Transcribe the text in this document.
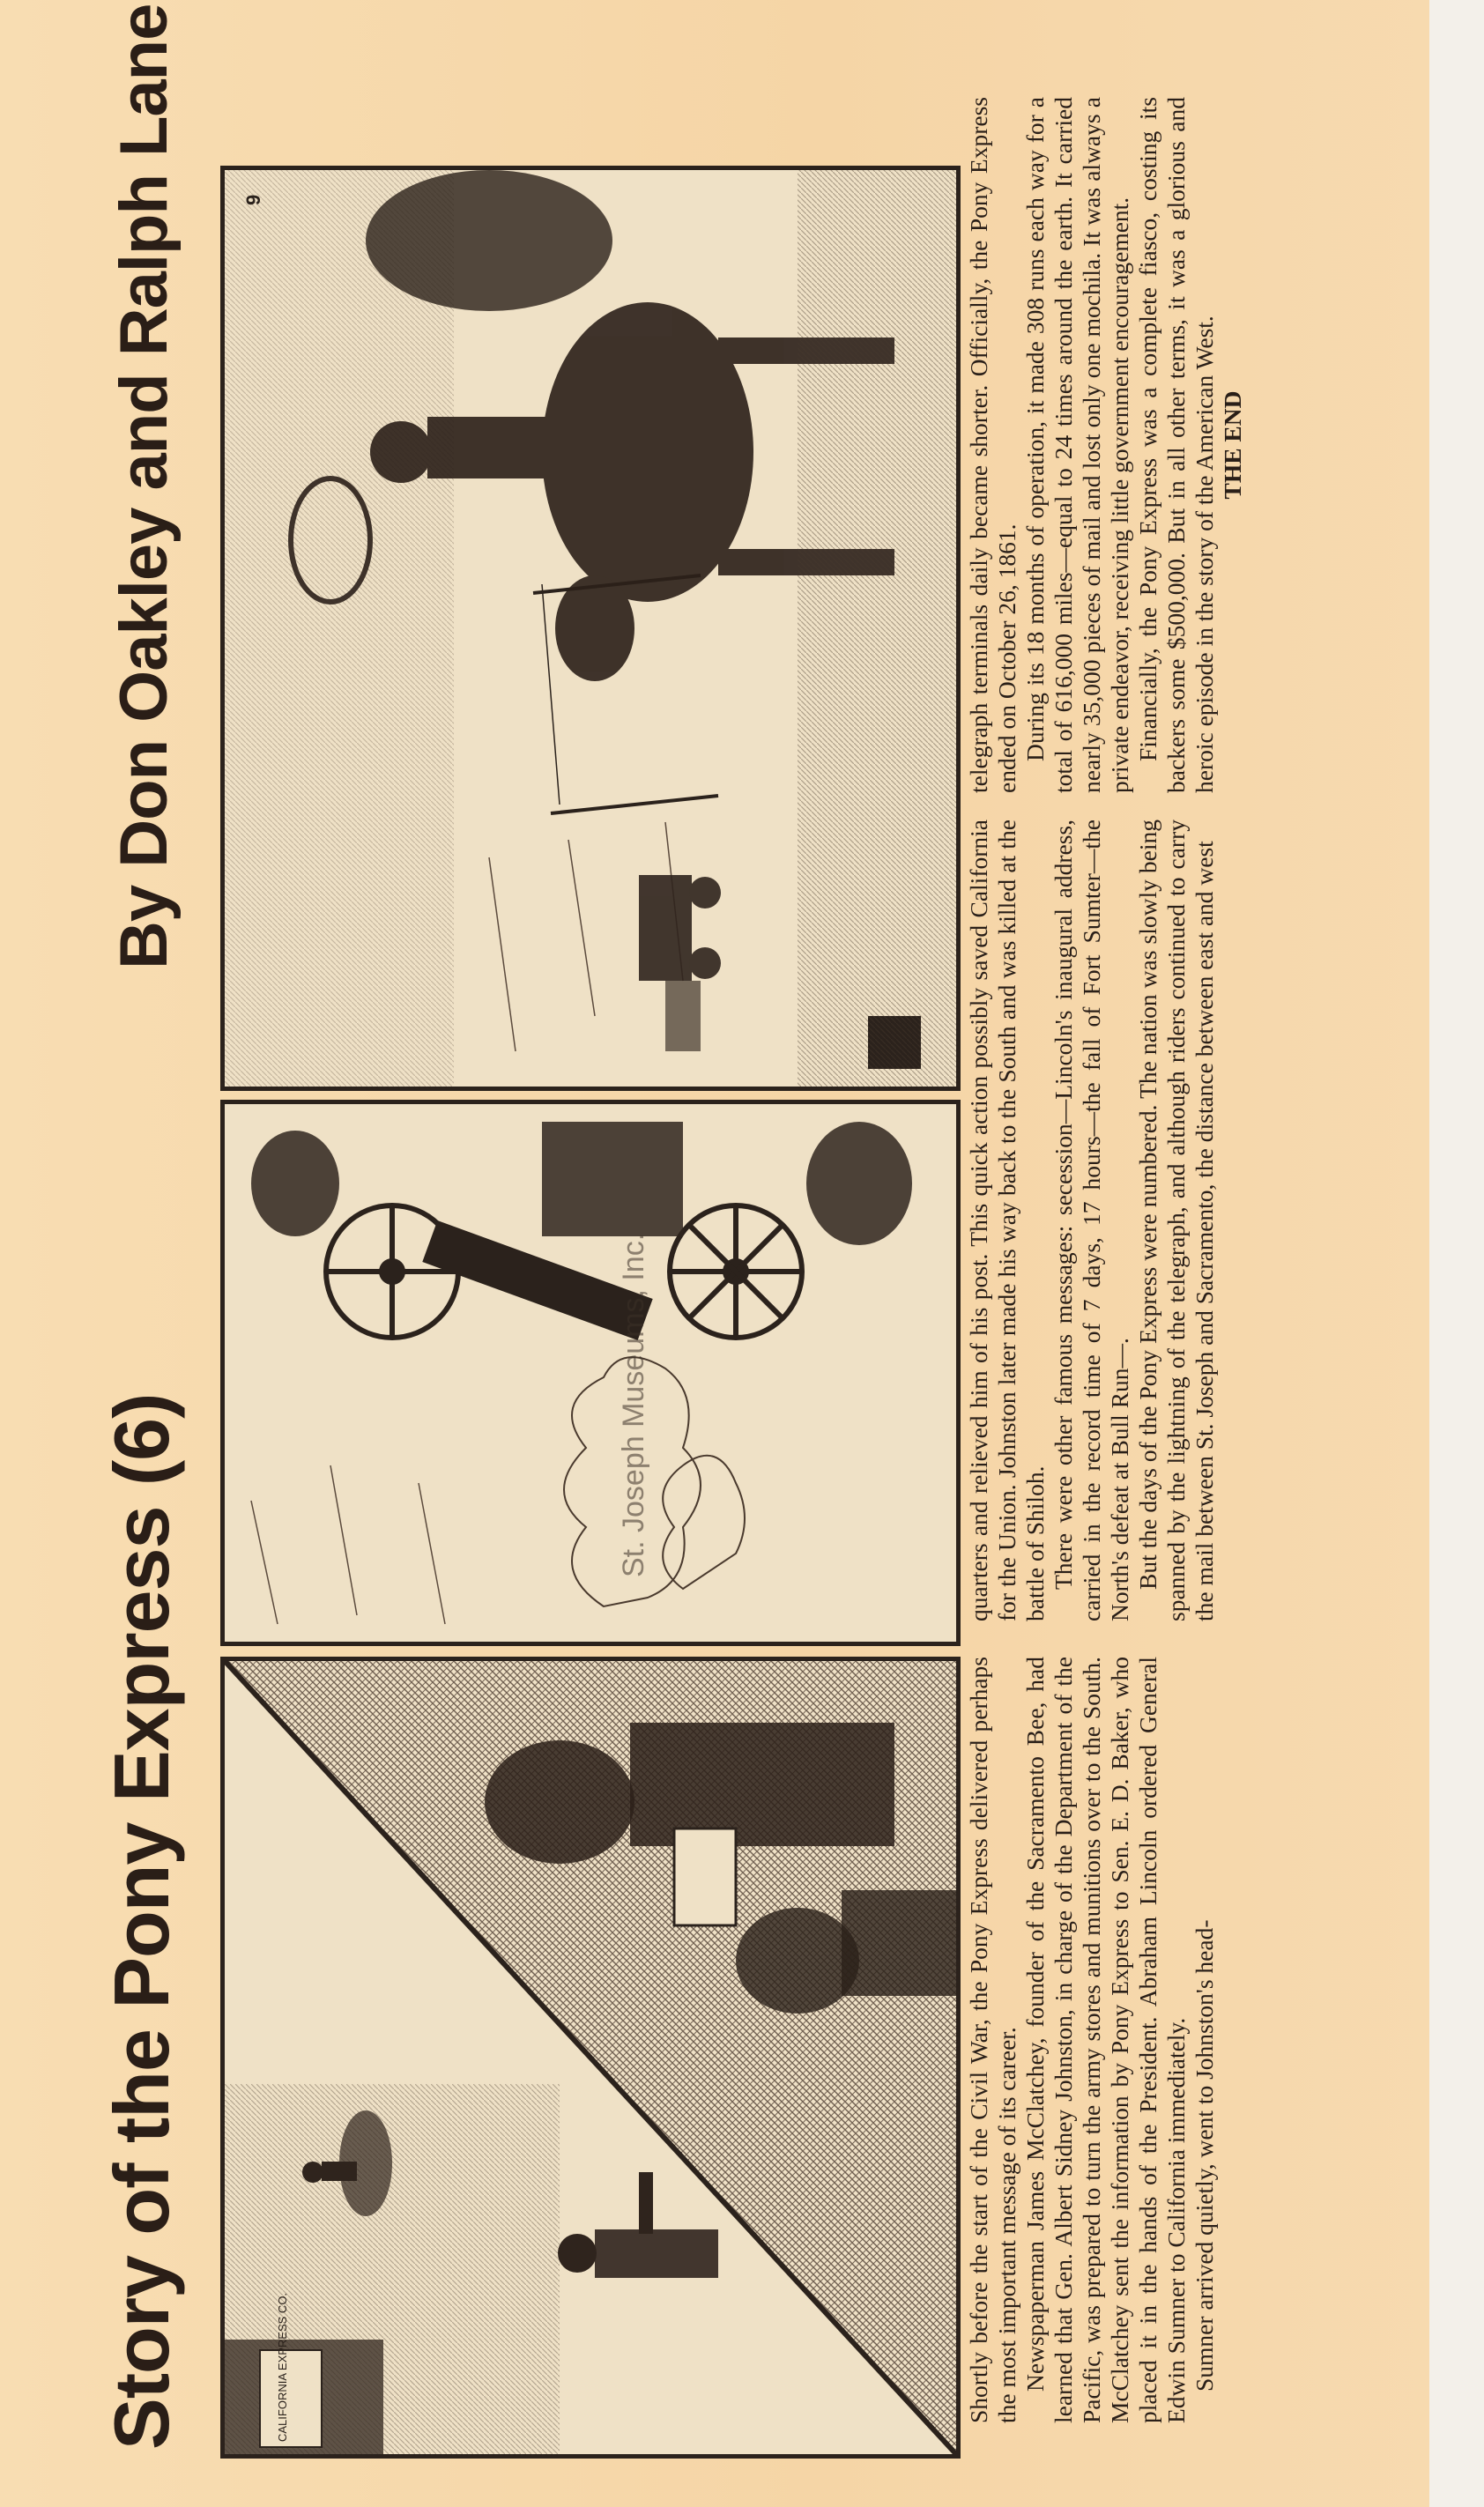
Story of the Pony Express (6)
By Don Oakley and Ralph Lane
CALIFORNIA EXPRESS CO.
9
St. Joseph Museums, Inc.

Shortly before the start of the Civil War, the Pony Express delivered perhaps the most important message of its career. Newspaperman James McClatchey, founder of the Sacramento Bee, had learned that Gen. Albert Sidney Johnston, in charge of the Department of the Pacific, was prepared to turn the army stores and munitions over to the South. McClatchey sent the information by Pony Express to Sen. E. D. Baker, who placed it in the hands of the President. Abraham Lincoln ordered General Edwin Sumner to California immediately. Sumner arrived quietly, went to Johnston's head-

quarters and relieved him of his post. This quick action possibly saved California for the Union. Johnston later made his way back to the South and was killed at the battle of Shiloh. There were other famous messages: secession—Lincoln's inaugural address, carried in the record time of 7 days, 17 hours—the fall of Fort Sumter—the North's defeat at Bull Run—. But the days of the Pony Express were numbered. The nation was slowly being spanned by the lightning of the telegraph, and although riders continued to carry the mail between St. Joseph and Sacramento, the distance between east and west

telegraph terminals daily became shorter. Officially, the Pony Express ended on October 26, 1861. During its 18 months of operation, it made 308 runs each way for a total of 616,000 miles—equal to 24 times around the earth. It carried nearly 35,000 pieces of mail and lost only one mochila. It was always a private endeavor, receiving little government encouragement. Financially, the Pony Express was a complete fiasco, costing its backers some $500,000. But in all other terms, it was a glorious and heroic episode in the story of the American West. THE END
